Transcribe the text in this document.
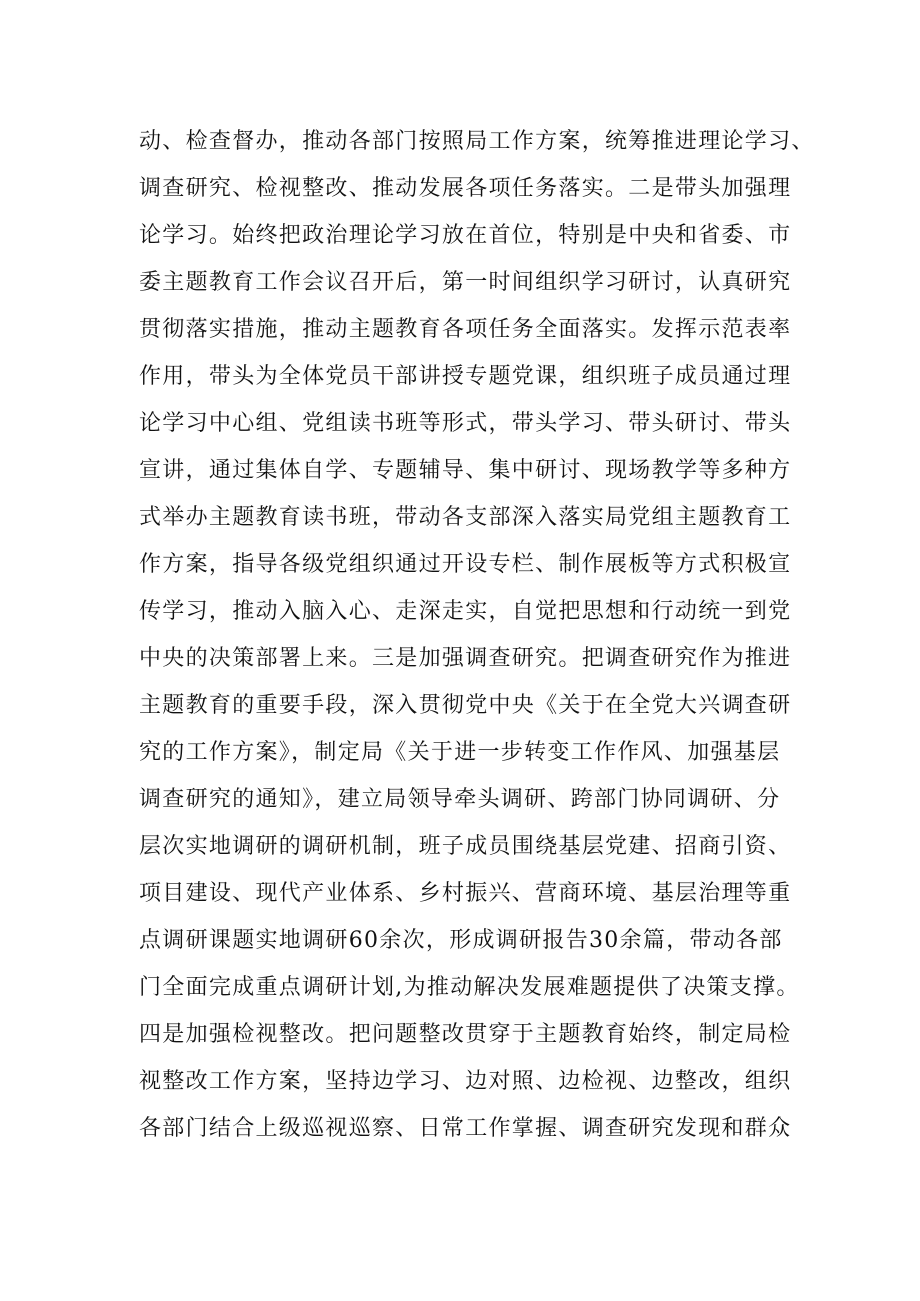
动、检查督办，推动各部门按照局工作方案，统筹推进理论学习、
调查研究、检视整改、推动发展各项任务落实。二是带头加强理
论学习。始终把政治理论学习放在首位，特别是中央和省委、市
委主题教育工作会议召开后，第一时间组织学习研讨，认真研究
贯彻落实措施，推动主题教育各项任务全面落实。发挥示范表率
作用，带头为全体党员干部讲授专题党课，组织班子成员通过理
论学习中心组、党组读书班等形式，带头学习、带头研讨、带头
宣讲，通过集体自学、专题辅导、集中研讨、现场教学等多种方
式举办主题教育读书班，带动各支部深入落实局党组主题教育工
作方案，指导各级党组织通过开设专栏、制作展板等方式积极宣
传学习，推动入脑入心、走深走实，自觉把思想和行动统一到党
中央的决策部署上来。三是加强调查研究。把调查研究作为推进
主题教育的重要手段，深入贯彻党中央《关于在全党大兴调查研
究的工作方案》，制定局《关于进一步转变工作作风、加强基层
调查研究的通知》，建立局领导牵头调研、跨部门协同调研、分
层次实地调研的调研机制，班子成员围绕基层党建、招商引资、
项目建设、现代产业体系、乡村振兴、营商环境、基层治理等重
点调研课题实地调研60余次，形成调研报告30余篇，带动各部
门全面完成重点调研计划,为推动解决发展难题提供了决策支撑。
四是加强检视整改。把问题整改贯穿于主题教育始终，制定局检
视整改工作方案，坚持边学习、边对照、边检视、边整改，组织
各部门结合上级巡视巡察、日常工作掌握、调查研究发现和群众
